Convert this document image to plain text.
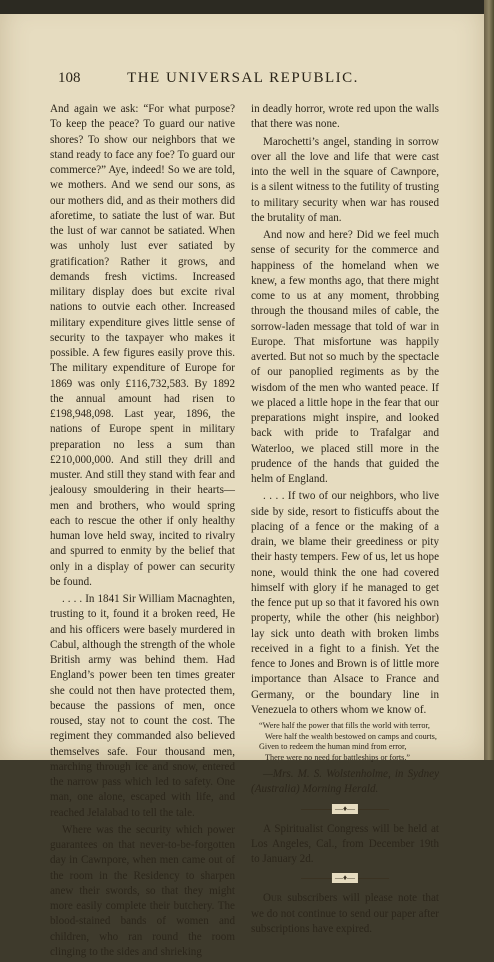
108	THE UNIVERSAL REPUBLIC.

And again we ask: “For what purpose? To keep the peace? To guard our native shores? To show our neighbors that we stand ready to face any foe? To guard our commerce?” Aye, indeed! So we are told, we mothers. And we send our sons, as our mothers did, and as their mothers did aforetime, to satiate the lust of war. But the lust of war cannot be satiated. When was unholy lust ever satiated by gratification? Rather it grows, and demands fresh victims. Increased military display does but excite rival nations to outvie each other. Increased military expenditure gives little sense of security to the taxpayer who makes it possible. A few figures easily prove this. The military expenditure of Europe for 1869 was only £116,732,583. By 1892 the annual amount had risen to £198,948,098. Last year, 1896, the nations of Europe spent in military preparation no less a sum than £210,000,000. And still they drill and muster. And still they stand with fear and jealousy smouldering in their hearts—men and brothers, who would spring each to rescue the other if only healthy human love held sway, incited to rivalry and spurred to enmity by the belief that only in a display of power can security be found.

. . . . In 1841 Sir William Macnaghten, trusting to it, found it a broken reed, He and his officers were basely murdered in Cabul, although the strength of the whole British army was behind them. Had England’s power been ten times greater she could not then have protected them, because the passions of men, once roused, stay not to count the cost. The regiment they commanded also believed themselves safe. Four thousand men, marching through ice and snow, entered the narrow pass which led to safety. One man, one alone, escaped with life, and reached Jelalabad to tell the tale.

Where was the security which power guarantees on that never-to-be-forgotten day in Cawnpore, when men came out of the room in the Residency to sharpen anew their swords, so that they might more easily complete their butchery. The blood-stained bands of women and children, who ran round the room clinging to the sides and shrieking

in deadly horror, wrote red upon the walls that there was none.

Marochetti’s angel, standing in sorrow over all the love and life that were cast into the well in the square of Cawnpore, is a silent witness to the futility of trusting to military security when war has roused the brutality of man.

And now and here? Did we feel much sense of security for the commerce and happiness of the homeland when we knew, a few months ago, that there might come to us at any moment, throbbing through the thousand miles of cable, the sorrow-laden message that told of war in Europe. That misfortune was happily averted. But not so much by the spectacle of our panoplied regiments as by the wisdom of the men who wanted peace. If we placed a little hope in the fear that our preparations might inspire, and looked back with pride to Trafalgar and Waterloo, we placed still more in the prudence of the hands that guided the helm of England.

. . . . If two of our neighbors, who live side by side, resort to fisticuffs about the placing of a fence or the making of a drain, we blame their greediness or pity their hasty tempers. Few of us, let us hope none, would think the one had covered himself with glory if he managed to get the fence put up so that it favored his own property, while the other (his neighbor) lay sick unto death with broken limbs received in a fight to a finish. Yet the fence to Jones and Brown is of little more importance than Alsace to France and Germany, or the boundary line in Venezuela to others whom we know of.

“Were half the power that fills the world with terror,
Were half the wealth bestowed on camps and courts,
Given to redeem the human mind from error,
There were no need for battleships or forts.”

—Mrs. M. S. Wolstenholme, in Sydney (Australia) Morning Herald.

—♦—

A Spiritualist Congress will be held at Los Angeles, Cal., from December 19th to January 2d.

—♦—

Our subscribers will please note that we do not continue to send our paper after subscriptions have expired.
